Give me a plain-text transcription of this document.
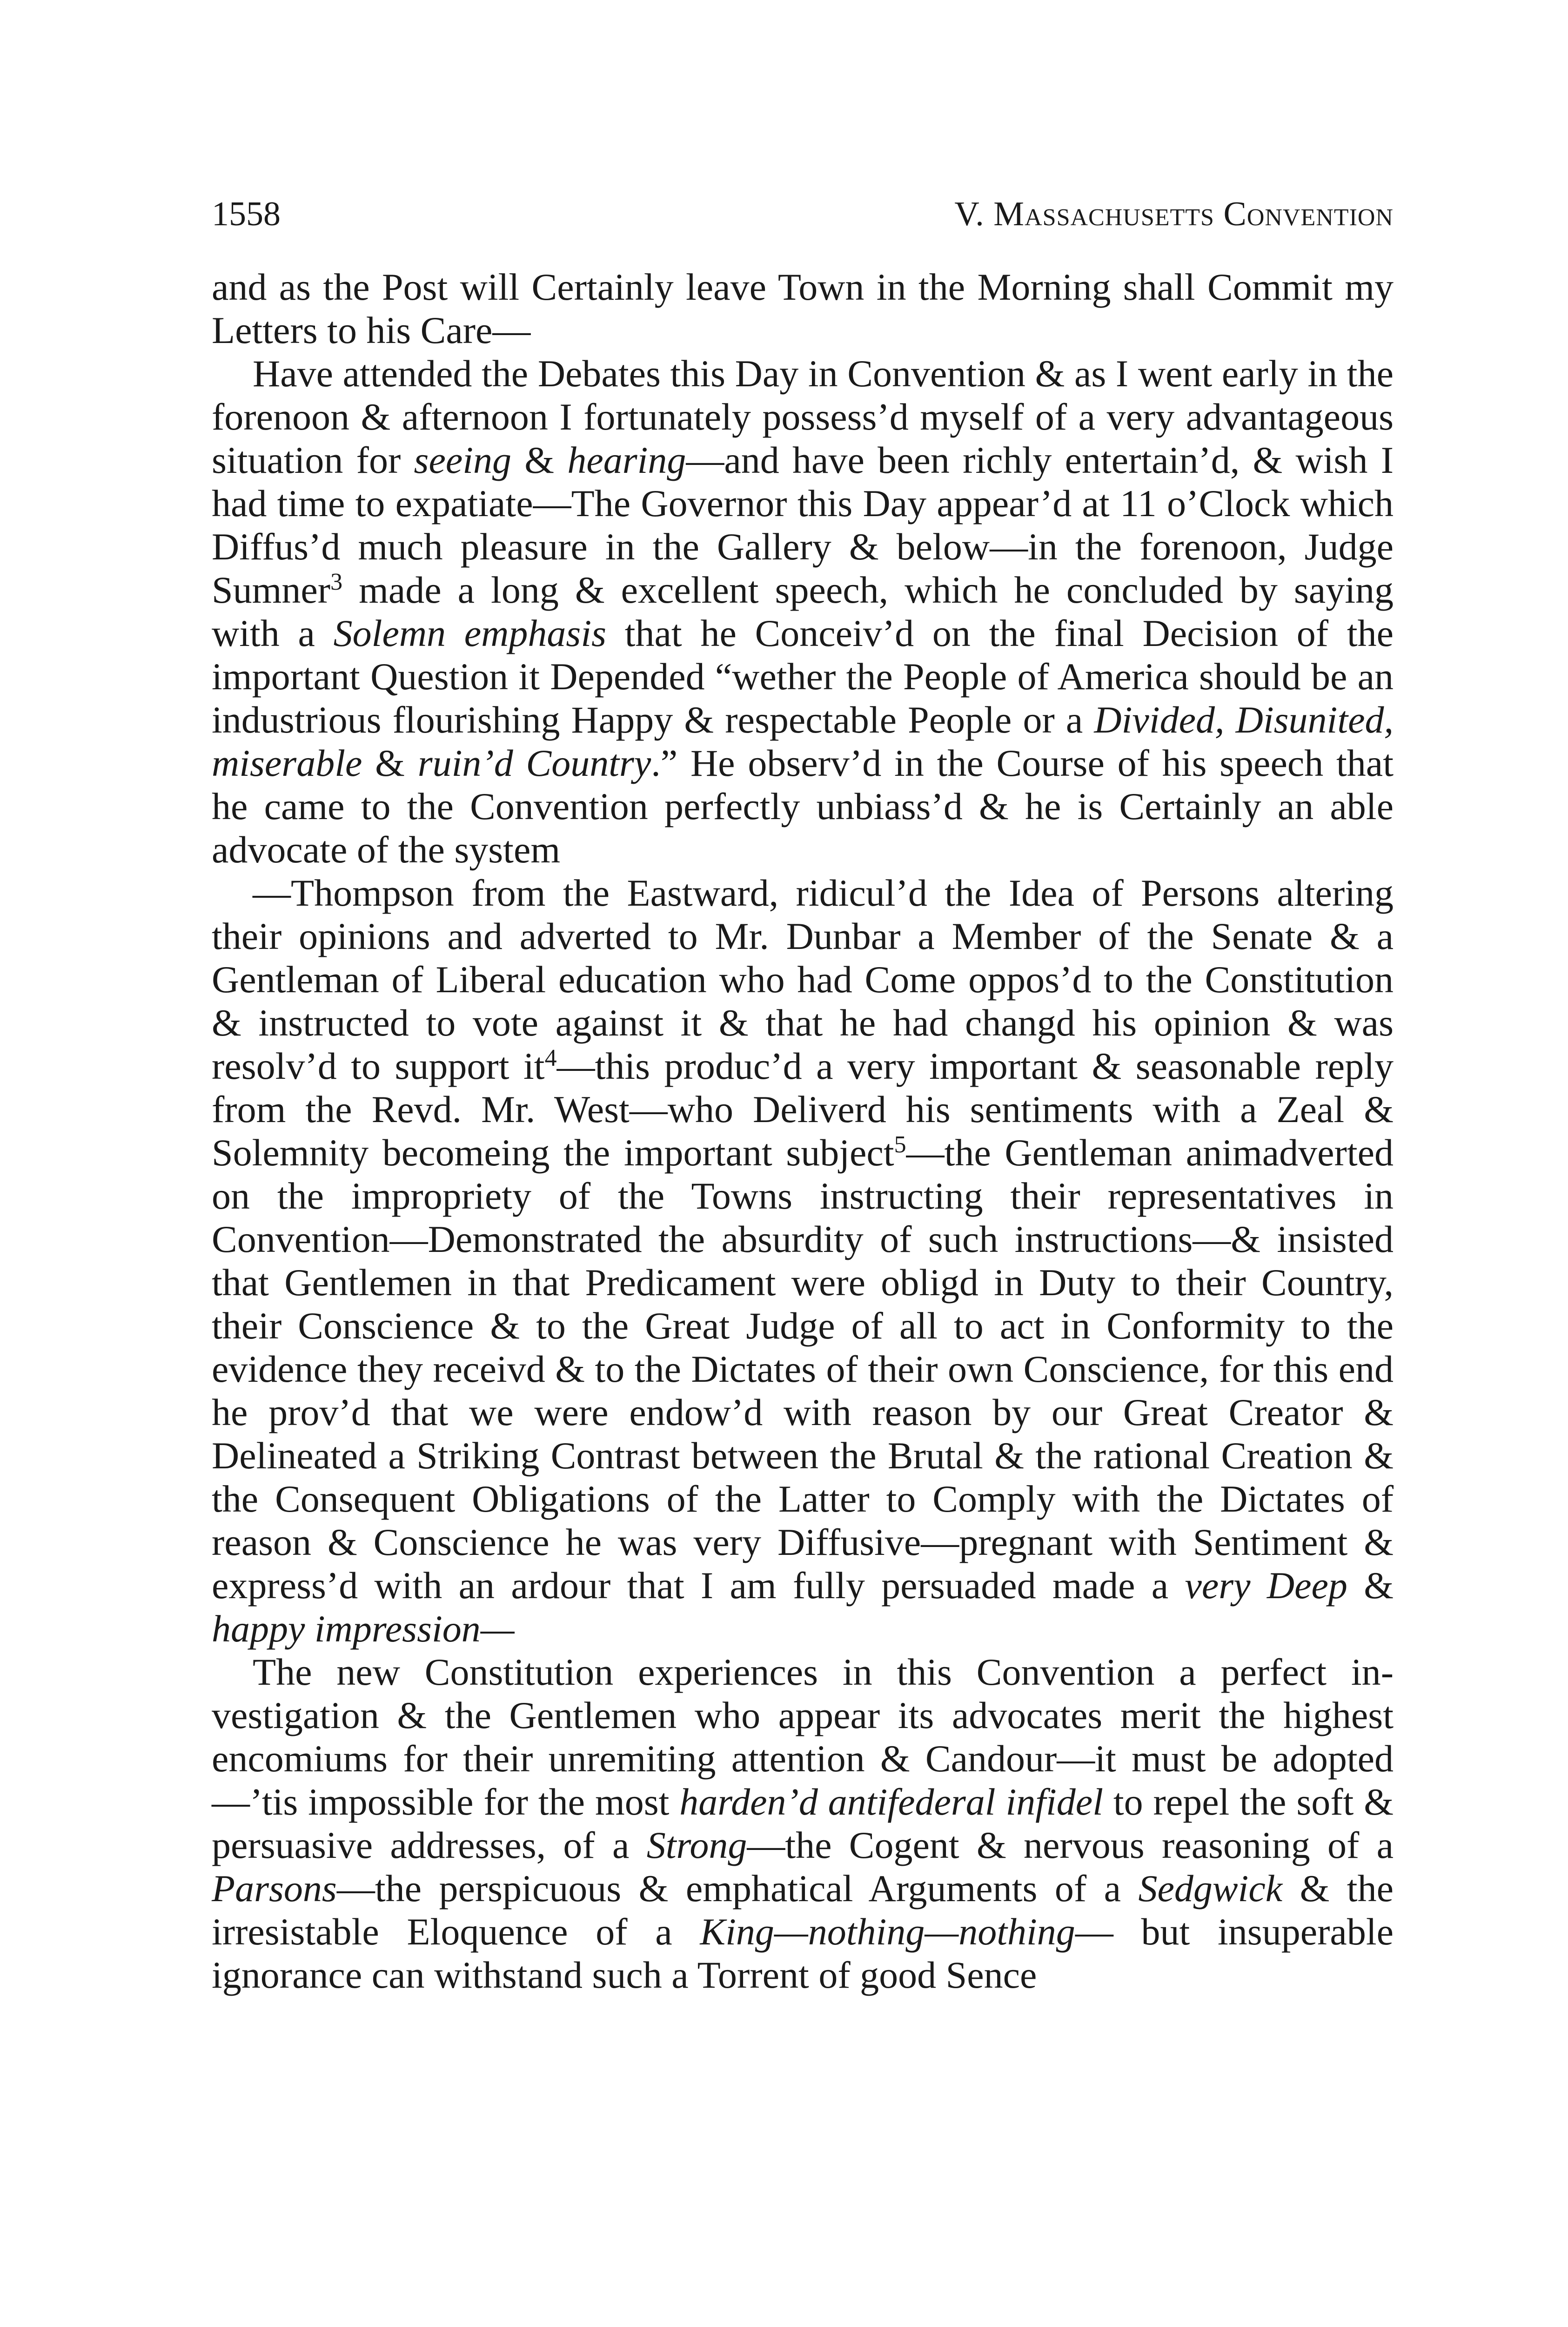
1558	V. Massachusetts Convention

and as the Post will Certainly leave Town in the Morning shall Commit my Letters to his Care—

Have attended the Debates this Day in Convention & as I went early in the forenoon & afternoon I fortunately possess’d myself of a very advantageous situation for seeing & hearing—and have been richly entertain’d, & wish I had time to expatiate—The Governor this Day appear’d at 11 o’Clock which Diffus’d much pleasure in the Gallery & below—in the forenoon, Judge Sumner$^3$ made a long & excellent speech, which he concluded by saying with a Solemn emphasis that he Conceiv’d on the final Decision of the important Question it Depended “wether the People of America should be an industrious flourishing Happy & respectable People or a Divided, Disunited, miserable & ruin’d Country.” He observ’d in the Course of his speech that he came to the Convention perfectly unbiass’d & he is Certainly an able advocate of the system

—Thompson from the Eastward, ridicul’d the Idea of Persons altering their opinions and adverted to Mr. Dunbar a Member of the Senate & a Gentleman of Liberal education who had Come oppos’d to the Constitution & instructed to vote against it & that he had changd his opinion & was resolv’d to support $it^4—this$ produc’d a very important & seasonable reply from the Revd. Mr. West—who Deliverd his sentiments with a Zeal & Solemnity becomeing the important subject$^5$—the Gentleman animadverted on the impropriety of the Towns instructing their representatives in Convention—Demonstrated the absurdity of such instructions—& insisted that Gentlemen in that Predicament were obligd in Duty to their Country, their Conscience & to the Great Judge of all to act in Conformity to the evidence they receivd & to the Dictates of their own Conscience, for this end he prov’d that we were endow’d with reason by our Great Creator & Delineated a Striking Contrast between the Brutal & the rational Creation & the Consequent Obligations of the Latter to Comply with the Dictates of reason & Conscience he was very Diffusive—pregnant with Sentiment & express’d with an ardour that I am fully persuaded made a very Deep & happy impression—

The new Constitution experiences in this Convention a perfect investigation & the Gentlemen who appear its advocates merit the highest encomiums for their unremiting attention & Candour—it must be adopted—’tis impossible for the most harden’d antifederal infidel to repel the soft & persuasive addresses, of a Strong—the Cogent & nervous reasoning of a Parsons—the perspicuous & emphatical Arguments of a Sedgwick & the irresistable Eloquence of a King—nothing—nothing— but insuperable ignorance can withstand such a Torrent of good Sence
